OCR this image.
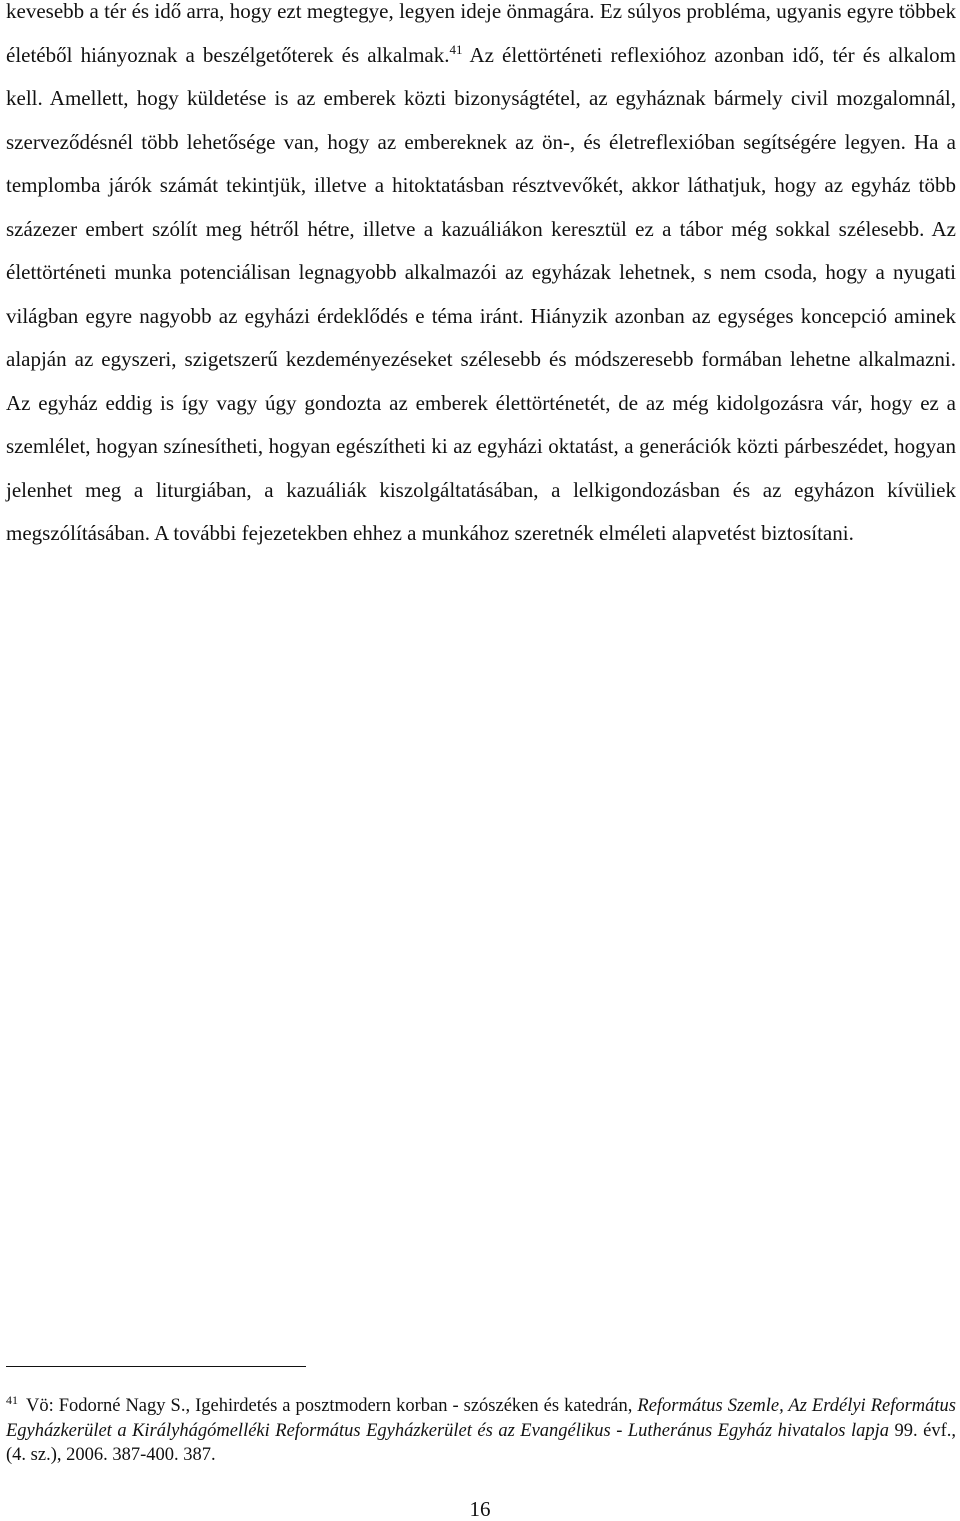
kevesebb a tér és idő arra, hogy ezt megtegye, legyen ideje önmagára. Ez súlyos probléma, ugyanis egyre többek életéből hiányoznak a beszélgetőterek és alkalmak.$^{41}$ Az élettörténeti reflexióhoz azonban idő, tér és alkalom kell. Amellett, hogy küldetése is az emberek közti bizonyságtétel, az egyháznak bármely civil mozgalomnál, szerveződésnél több lehetősége van, hogy az embereknek az ön-, és életreflexióban segítségére legyen. Ha a templomba járók számát tekintjük, illetve a hitoktatásban résztvevőkét, akkor láthatjuk, hogy az egyház több százezer embert szólít meg hétről hétre, illetve a kazuáliákon keresztül ez a tábor még sokkal szélesebb. Az élettörténeti munka potenciálisan legnagyobb alkalmazói az egyházak lehetnek, s nem csoda, hogy a nyugati világban egyre nagyobb az egyházi érdeklődés e téma iránt. Hiányzik azonban az egységes koncepció aminek alapján az egyszeri, szigetszerű kezdeményezéseket szélesebb és módszeresebb formában lehetne alkalmazni. Az egyház eddig is így vagy úgy gondozta az emberek élettörténetét, de az még kidolgozásra vár, hogy ez a szemlélet, hogyan színesítheti, hogyan egészítheti ki az egyházi oktatást, a generációk közti párbeszédet, hogyan jelenhet meg a liturgiában, a kazuáliák kiszolgáltatásában, a lelkigondozásban és az egyházon kívüliek megszólításában. A további fejezetekben ehhez a munkához szeretnék elméleti alapvetést biztosítani.

$^{41}$ Vö: Fodorné Nagy S., Igehirdetés a posztmodern korban - szószéken és katedrán, Református Szemle, Az Erdélyi Református Egyházkerület a Királyhágómelléki Református Egyházkerület és az Evangélikus - Lutheránus Egyház hivatalos lapja 99. évf., (4. sz.), 2006. 387-400. 387.

16
